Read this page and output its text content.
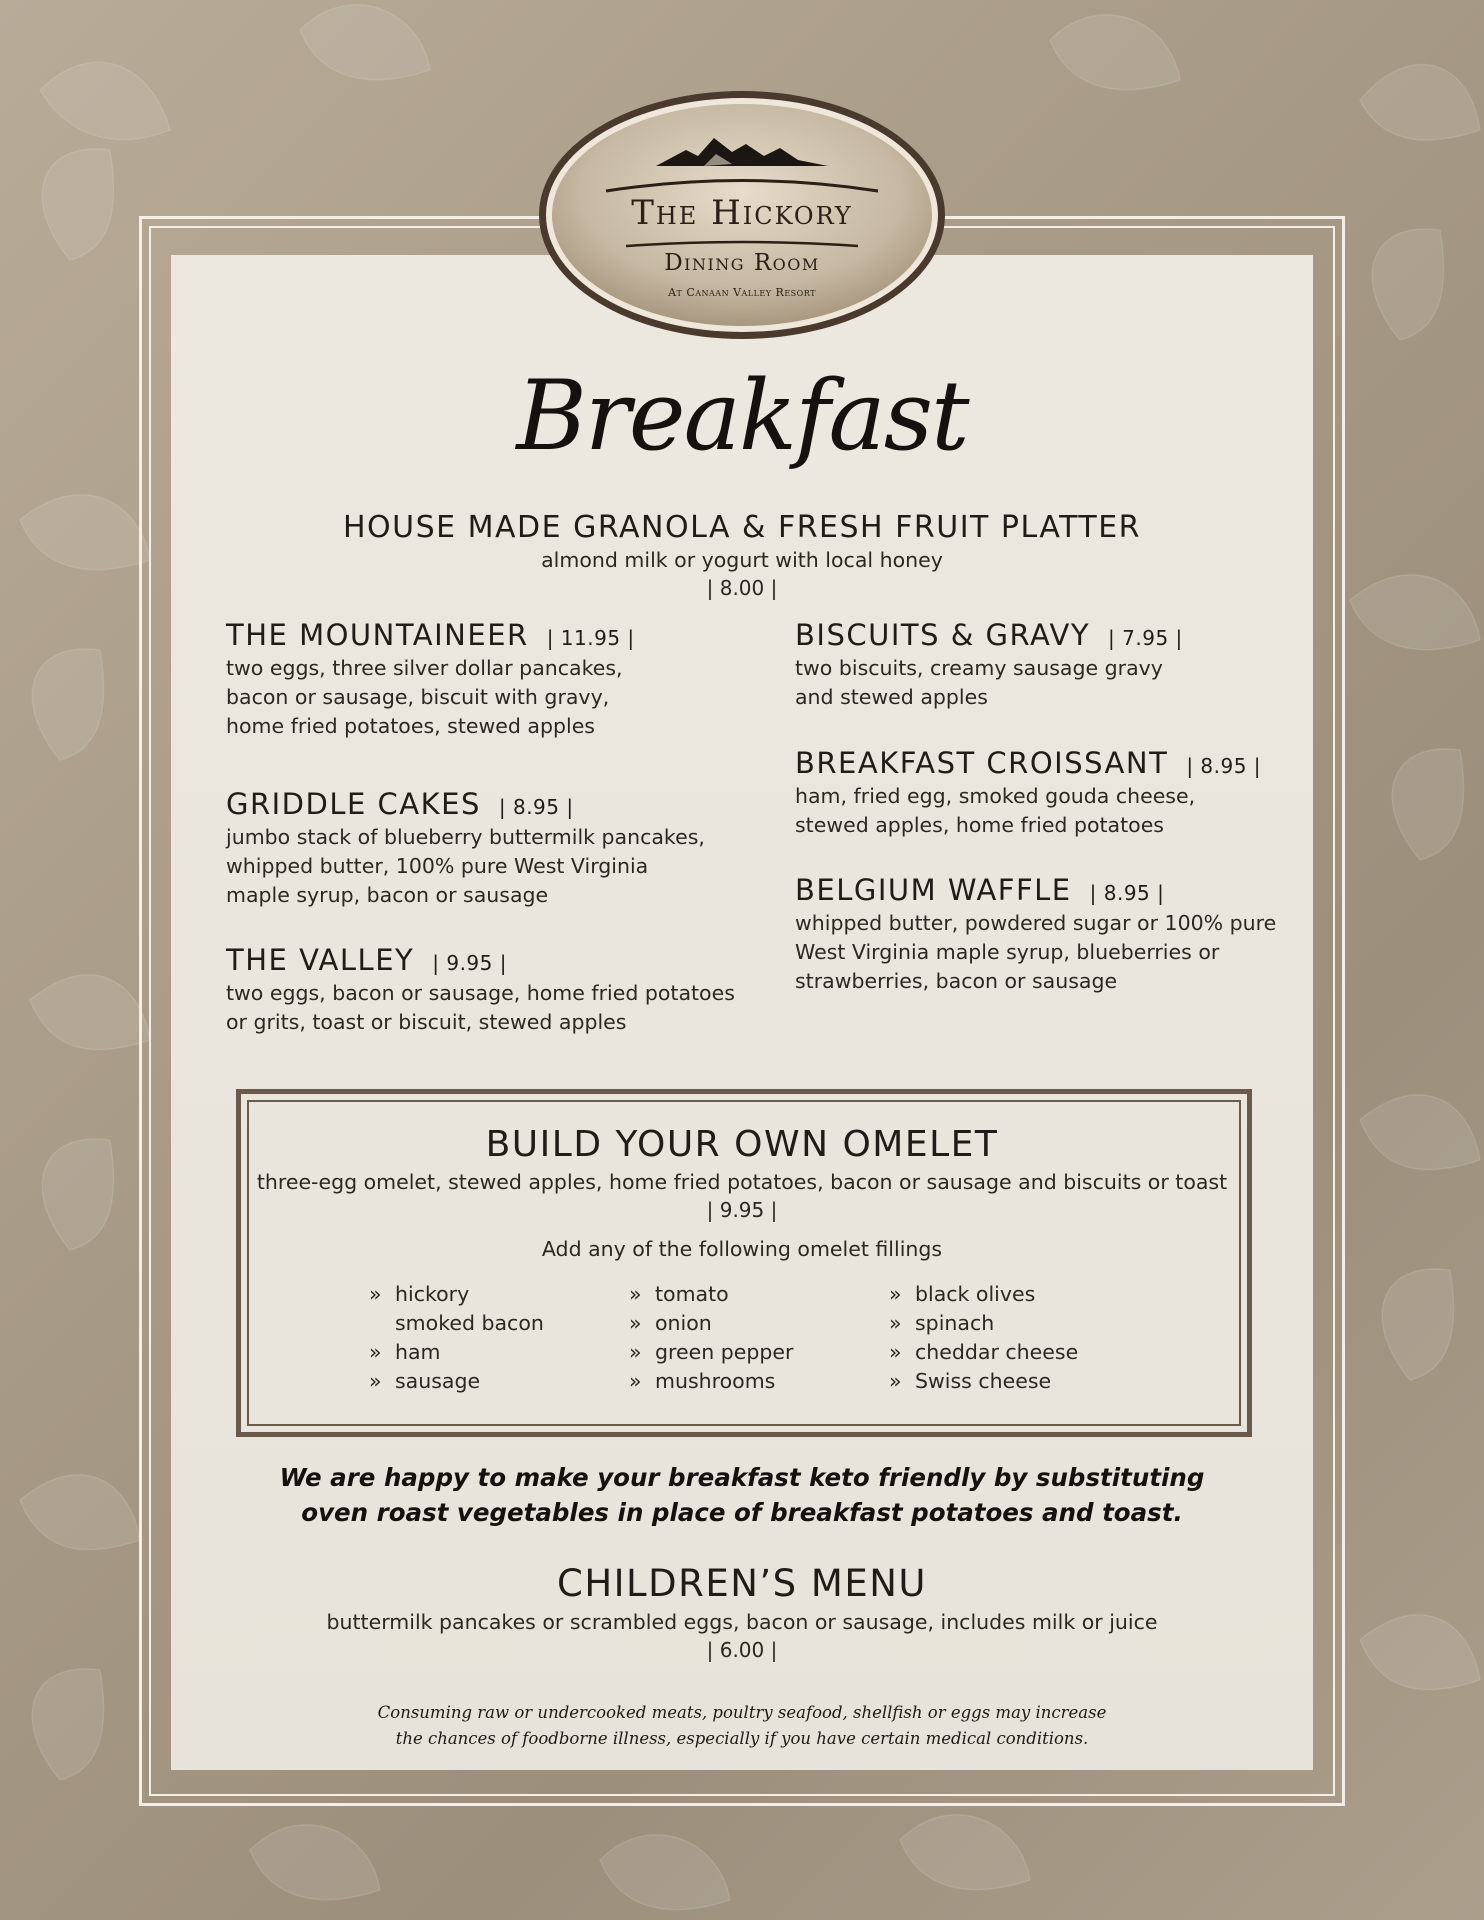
The Hickory
Dining Room
At Canaan Valley Resort
Breakfast
HOUSE MADE GRANOLA & FRESH FRUIT PLATTER
almond milk or yogurt with local honey
| 8.00 |
THE MOUNTAINEER | 11.95 |
two eggs, three silver dollar pancakes,
bacon or sausage, biscuit with gravy,
home fried potatoes, stewed apples
GRIDDLE CAKES | 8.95 |
jumbo stack of blueberry buttermilk pancakes,
whipped butter, 100% pure West Virginia
maple syrup, bacon or sausage
THE VALLEY | 9.95 |
two eggs, bacon or sausage, home fried potatoes
or grits, toast or biscuit, stewed apples
BISCUITS & GRAVY | 7.95 |
two biscuits, creamy sausage gravy
and stewed apples
BREAKFAST CROISSANT | 8.95 |
ham, fried egg, smoked gouda cheese,
stewed apples, home fried potatoes
BELGIUM WAFFLE | 8.95 |
whipped butter, powdered sugar or 100% pure
West Virginia maple syrup, blueberries or
strawberries, bacon or sausage
BUILD YOUR OWN OMELET
three-egg omelet, stewed apples, home fried potatoes, bacon or sausage and biscuits or toast
| 9.95 |
Add any of the following omelet fillings
» hickory smoked bacon
» ham
» sausage
» tomato
» onion
» green pepper
» mushrooms
» black olives
» spinach
» cheddar cheese
» Swiss cheese
We are happy to make your breakfast keto friendly by substituting
oven roast vegetables in place of breakfast potatoes and toast.
CHILDREN’S MENU
buttermilk pancakes or scrambled eggs, bacon or sausage, includes milk or juice
| 6.00 |
Consuming raw or undercooked meats, poultry seafood, shellfish or eggs may increase
the chances of foodborne illness, especially if you have certain medical conditions.
